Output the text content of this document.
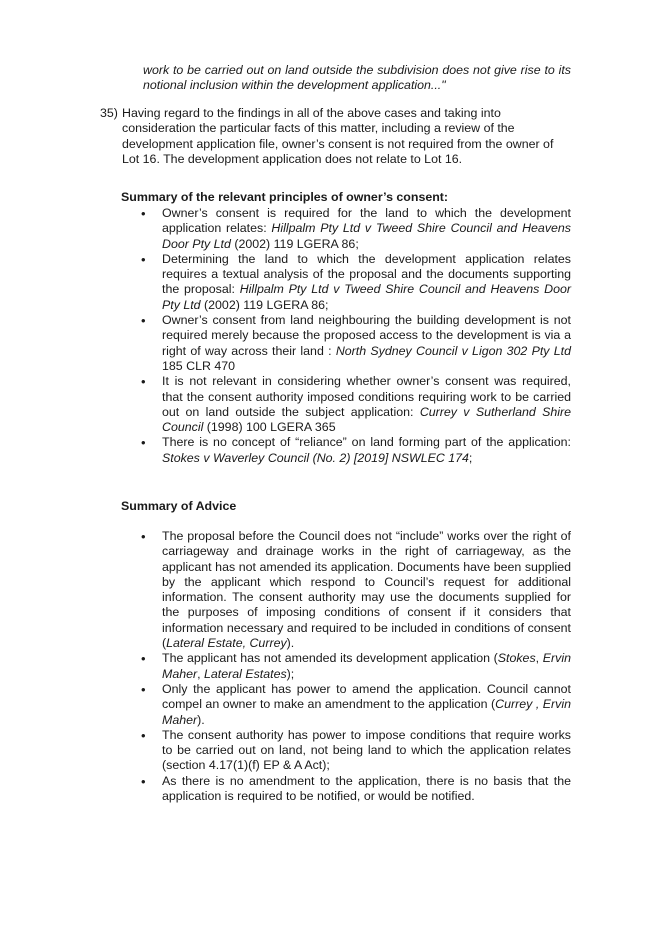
work to be carried out on land outside the subdivision does not give rise to its notional inclusion within the development application..."
35) Having regard to the findings in all of the above cases and taking into consideration the particular facts of this matter, including a review of the development application file, owner’s consent is not required from the owner of Lot 16. The development application does not relate to Lot 16.
Summary of the relevant principles of owner’s consent:
• Owner’s consent is required for the land to which the development application relates: Hillpalm Pty Ltd v Tweed Shire Council and Heavens Door Pty Ltd (2002) 119 LGERA 86;
• Determining the land to which the development application relates requires a textual analysis of the proposal and the documents supporting the proposal: Hillpalm Pty Ltd v Tweed Shire Council and Heavens Door Pty Ltd (2002) 119 LGERA 86;
• Owner’s consent from land neighbouring the building development is not required merely because the proposed access to the development is via a right of way across their land : North Sydney Council v Ligon 302 Pty Ltd 185 CLR 470
• It is not relevant in considering whether owner’s consent was required, that the consent authority imposed conditions requiring work to be carried out on land outside the subject application: Currey v Sutherland Shire Council (1998) 100 LGERA 365
• There is no concept of “reliance” on land forming part of the application: Stokes v Waverley Council (No. 2) [2019] NSWLEC 174;
Summary of Advice
• The proposal before the Council does not “include” works over the right of carriageway and drainage works in the right of carriageway, as the applicant has not amended its application. Documents have been supplied by the applicant which respond to Council’s request for additional information. The consent authority may use the documents supplied for the purposes of imposing conditions of consent if it considers that information necessary and required to be included in conditions of consent (Lateral Estate, Currey).
• The applicant has not amended its development application (Stokes, Ervin Maher, Lateral Estates);
• Only the applicant has power to amend the application. Council cannot compel an owner to make an amendment to the application (Currey , Ervin Maher).
• The consent authority has power to impose conditions that require works to be carried out on land, not being land to which the application relates (section 4.17(1)(f) EP & A Act);
• As there is no amendment to the application, there is no basis that the application is required to be notified, or would be notified.
